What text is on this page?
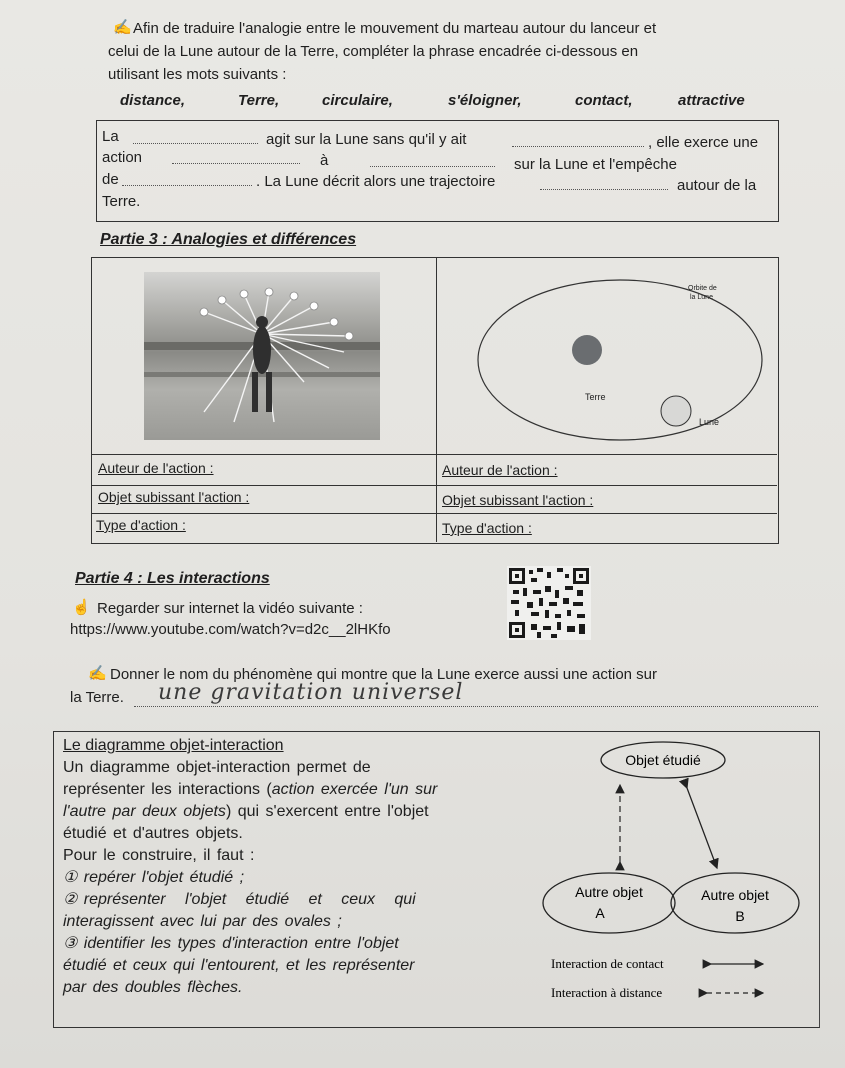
✍ Afin de traduire l'analogie entre le mouvement du marteau autour du lanceur et
celui de la Lune autour de la Terre, compléter la phrase encadrée ci-dessous en
utilisant les mots suivants :
distance,	Terre,	circulaire,	s'éloigner,	contact,	attractive
La	agit sur la Lune sans qu'il y ait	, elle exerce une
action	à	sur la Lune et l'empêche
de	. La Lune décrit alors une trajectoire	autour de la
Terre.
Partie 3 : Analogies et différences
Orbite de
la Lune
Terre
Lune
Auteur de l'action :	Auteur de l'action :
Objet subissant l'action :	Objet subissant l'action :
Type d'action :	Type d'action :
Partie 4 : Les interactions
☝ Regarder sur internet la vidéo suivante :
https://www.youtube.com/watch?v=d2c__2lHKfo
✍ Donner le nom du phénomène qui montre que la Lune exerce aussi une action sur
la Terre. une gravitation universel
Le diagramme objet-interaction
Un diagramme objet-interaction permet de
représenter les interactions (action exercée l'un sur
l'autre par deux objets) qui s'exercent entre l'objet
étudié et d'autres objets.
Pour le construire, il faut :
① repérer l'objet étudié ;
② représenter   l'objet   étudié   et   ceux   qui
interagissent avec lui par des ovales ;
③ identifier les types d'interaction entre l'objet
étudié et ceux qui l'entourent, et les représenter
par des doubles flèches.
Objet étudié
Autre objet
A
Autre objet
B
Interaction de contact
Interaction à distance
